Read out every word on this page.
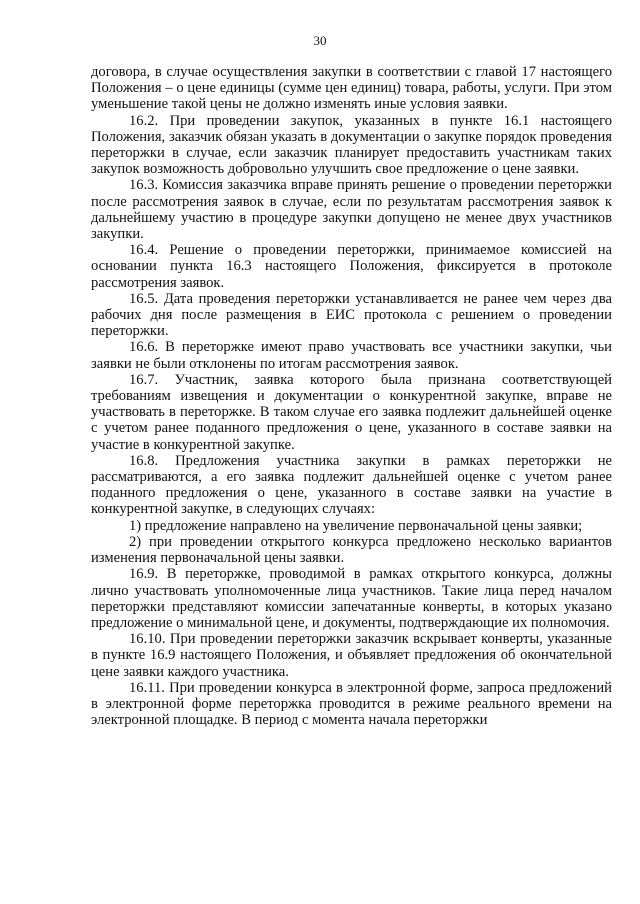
30

договора, в случае осуществления закупки в соответствии с главой 17 настоящего Положения – о цене единицы (сумме цен единиц) товара, работы, услуги. При этом уменьшение такой цены не должно изменять иные условия заявки.

16.2. При проведении закупок, указанных в пункте 16.1 настоящего Положения, заказчик обязан указать в документации о закупке порядок проведения переторжки в случае, если заказчик планирует предоставить участникам таких закупок возможность добровольно улучшить свое предложение о цене заявки.

16.3. Комиссия заказчика вправе принять решение о проведении переторжки после рассмотрения заявок в случае, если по результатам рассмотрения заявок к дальнейшему участию в процедуре закупки допущено не менее двух участников закупки.

16.4. Решение о проведении переторжки, принимаемое комиссией на основании пункта 16.3 настоящего Положения, фиксируется в протоколе рассмотрения заявок.

16.5. Дата проведения переторжки устанавливается не ранее чем через два рабочих дня после размещения в ЕИС протокола с решением о проведении переторжки.

16.6. В переторжке имеют право участвовать все участники закупки, чьи заявки не были отклонены по итогам рассмотрения заявок.

16.7. Участник, заявка которого была признана соответствующей требованиям извещения и документации о конкурентной закупке, вправе не участвовать в переторжке. В таком случае его заявка подлежит дальнейшей оценке с учетом ранее поданного предложения о цене, указанного в составе заявки на участие в конкурентной закупке.

16.8. Предложения участника закупки в рамках переторжки не рассматриваются, а его заявка подлежит дальнейшей оценке с учетом ранее поданного предложения о цене, указанного в составе заявки на участие в конкурентной закупке, в следующих случаях:

1) предложение направлено на увеличение первоначальной цены заявки;

2) при проведении открытого конкурса предложено несколько вариантов изменения первоначальной цены заявки.

16.9. В переторжке, проводимой в рамках открытого конкурса, должны лично участвовать уполномоченные лица участников. Такие лица перед началом переторжки представляют комиссии запечатанные конверты, в которых указано предложение о минимальной цене, и документы, подтверждающие их полномочия.

16.10. При проведении переторжки заказчик вскрывает конверты, указанные в пункте 16.9 настоящего Положения, и объявляет предложения об окончательной цене заявки каждого участника.

16.11. При проведении конкурса в электронной форме, запроса предложений в электронной форме переторжка проводится в режиме реального времени на электронной площадке. В период с момента начала переторжки
